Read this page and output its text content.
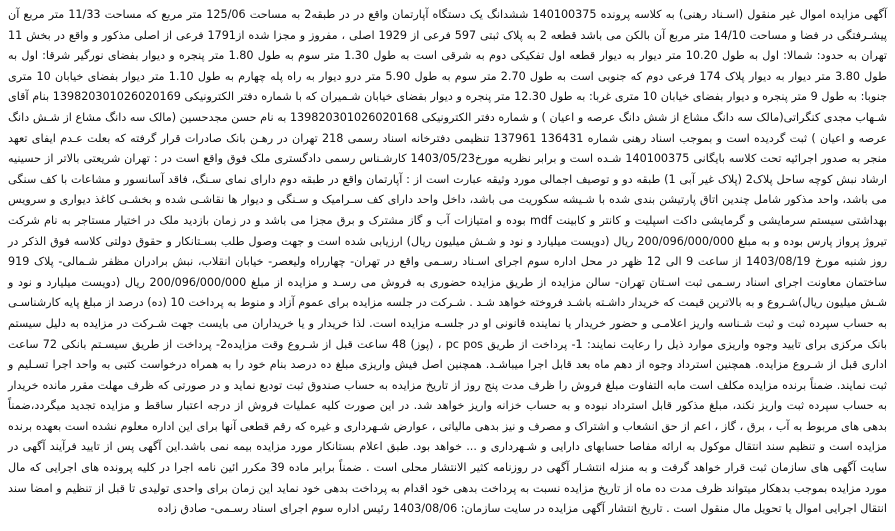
آگهی مزایده اموال غیر منقول (اسـناد رهنی) به کلاسه پرونده 140100375 ششدانگ یک دستگاه آپارتمان واقع در در طبقه2 به مساحت 125/06 متر مربع که مساحت 11/33 متر مربع آن پیشـرفتگی در فضا و مساحت 14/10 متر مربع آن بالکن می باشد قطعه 2 به پلاک ثبتی 597 فرعی از 1929 اصلی ، مفروز و مجزا شده از1791 فرعی از اصلی مذکور و واقع در بخش 11 تهران به حدود: شمالا: اول به طول 10.20 متر دیوار به دیوار قطعه اول تفکیکی دوم به شرقی است به طول 1.30 متر سوم به طول 1.80 متر پنجره و دیوار بفضای نورگیر شرقا: اول به طول 3.80 متر دیوار به دیوار پلاک 174 فرعی دوم که جنوبی است به طول 2.70 متر سوم به طول 5.90 متر درو دیوار به راه پله چهارم به طول 1.10 متر دیوار بفضای خیابان 10 متری جنوبا: به طول 9 متر پنجره و دیوار بفضای خیابان 10 متری غربا: به طول 12.30 متر پنجره و دیوار بفضای خیابان شـمیران که با شماره دفتر الکترونیکی 139820301026020169 بنام آقای شـهاب مجدی کنگراتی(مالک سه دانگ مشاع از شش دانگ عرصه و اعیان ) و شماره دفتر الکترونیکی 139820301026020168 به نام حسن مجدحسین (مالک سه دانگ مشاع از شـش دانگ عرصه و اعیان ) ثبت گردیده است و بموجب اسناد رهنی شماره 136431 137961 تنظیمی دفترخانه اسناد رسمی 218 تهران در رهـن بانک صادرات قرار گرفته که بعلت عـدم ایفای تعهد منجر به صدور اجرائیه تحت کلاسه بایگانی 140100375 شـده است و برابر نظریه مورخ1403/05/23 کارشـناس رسمی دادگستری ملک فوق واقع است در : تهران شریعتی بالاتر از حسینیه ارشاد نبش کوچه ساحل پلاک2 (پلاک غیر آبی 1) طبقه دو و توصیف اجمالی مورد وثیقه عبارت است از : آپارتمان واقع در طبقه دوم دارای نمای سـنگ، فاقد آسانسور و مشاعات با کف سنگی می باشد، واحد مذکور شامل چندین اتاق پارتیشن بندی شده با شـیشه سکوریت می باشد، داخل واحد دارای کف سـرامیک و سـنگی و دیوار ها نقاشـی شده و بخشـی کاغذ دیواری و سرویس بهداشتی سیستم سرمایشی و گرمایشی داکت اسپلیت و کانتر و کابینت mdf بوده و امتیازات آب و گاز مشترک و برق مجزا می باشد و در زمان بازدید ملک در اختیار مستاجر به نام شرکت تیروژ پرواز پارس بوده و به مبلغ 200/096/000/000 ریال (دویست میلیارد و نود و شـش میلیون ریال) ارزیابی شده است و جهت وصول طلب بسـتانکار و حقوق دولتی کلاسه فوق الذکر در روز شنبه مورخ 1403/08/19 از ساعت 9 الی 12 ظهر در محل اداره سوم اجرای اسـناد رسـمی واقع در تهران- چهارراه ولیعصر- خیابان انقلاب، نبش برادران مظفر شـمالی- پلاک 919 ساختمان معاونت اجرای اسناد رسـمی ثبت اسـتان تهران- سالن مزایده از طریق مزایده حضوری به فروش می رسـد و مزایده از مبلغ 200/096/000/000 ریال (دویست میلیارد و نود و شـش میلیون ریال)شـروع و به بالاترین قیمت که خریدار داشـته باشـد فروخته خواهد شـد . شـرکت در جلسه مزایده برای عموم آزاد و منوط به پرداخت 10 (ده) درصد از مبلغ پایه کارشناسـی به حساب سپرده ثبت و ثبت شـناسه واریز اعلامـی و حضور خریدار یا نماینده قانونی او در جلسـه مزایده است. لذا خریدار و یا خریداران می بایست جهت شـرکت در مزایده به دلیل سیستم بانک مرکزی برای تایید وجوه واریزی موارد ذیل را رعایت نمایند: 1- پرداخت از طریق pc pos ، (پوز) 48 ساعت قبل از شـروع وقت مزایده2- پرداخت از طریق سیسـتم بانکی 72 ساعت اداری قبل از شـروع مزایده. همچنین استرداد وجوه از دهم ماه بعد قابل اجرا میباشـد. همچنین اصل فیش واریزی مبلغ ده درصد بنام خود را به همراه درخواست کتبی به واحد اجرا تسـلیم و ثبت نمایند. ضمناً برنده مزایده مکلف است مابه التفاوت مبلغ فروش را ظرف مدت پنج روز از تاریخ مزایده به حساب صندوق ثبت تودیع نماید و در صورتی که ظرف مهلت مقرر مانده خریدار به حساب سپرده ثبت واریز نکند، مبلغ مذکور قابل استرداد نبوده و به حساب خزانه واریز خواهد شد. در این صورت کلیه عملیات فروش از درجه اعتبار ساقط و مزایده تجدید میگردد،ضمناً بدهی های مربوط به آب ، برق ، گاز ، اعم از حق انشعاب و اشتراک و مصرف و نیز بدهی مالیاتی ، عوارض شـهرداری و غیره که رقم قطعی آنها برای این اداره معلوم نشده است بعهده برنده مزایده است و تنظیم سند انتقال موکول به ارائه مفاصا حسابهای دارایی و شـهرداری و ... خواهد بود. طبق اعلام بستانکار مورد مزایده بیمه نمی باشد.این آگهی پس از تایید فرآیند آگهی در سایت آگهی های سازمان ثبت قرار خواهد گرفت و به منزله انتشـار آگهی در روزنامه کثیر الانتشار محلی است . ضمناً برابر ماده 39 مکرر ائین نامه اجرا در کلیه پرونده های اجرایی که مال مورد مزایده بموجب بدهکار میتواند ظرف مدت ده ماه از تاریخ مزایده نسبت به پرداخت بدهی خود اقدام به پرداخت بدهی خود نماید این زمان برای واحدی تولیدی تا قبل از تنظیم و امضا سند انتقال اجرایی اموال یا تحویل مال منقول است . تاریخ انتشار آگهی مزایده در سایت سازمان: 1403/08/06 رئیس اداره سوم اجرای اسناد رسـمی- صادق زاده
